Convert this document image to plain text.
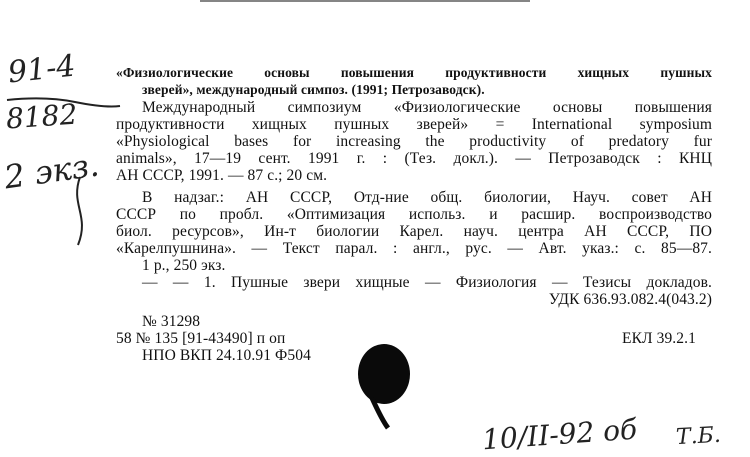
91-4
8182
2 экз.
«Физиологические основы повышения продуктивности хищных пушных
зверей», международный симпоз. (1991; Петрозаводск).
Международный симпозиум «Физиологические основы повышения
продуктивности хищных пушных зверей» = International symposium
«Physiological bases for increasing the productivity of predatory fur
animals», 17—19 сент. 1991 г. : (Тез. докл.). — Петрозаводск : КНЦ
АН СССР, 1991. — 87 с.; 20 см.
В надзаг.: АН СССР, Отд-ние общ. биологии, Науч. совет АН
СССР по пробл. «Оптимизация использ. и расшир. воспроизводство
биол. ресурсов», Ин-т биологии Карел. науч. центра АН СССР, ПО
«Карелпушнина». — Текст парал. : англ., рус. — Авт. указ.: с. 85—87.
1 р., 250 экз.
— — 1. Пушные звери хищные — Физиология — Тезисы докладов.
УДК 636.93.082.4(043.2)
№ 31298
58 № 135 [91-43490] п оп	ЕКЛ 39.2.1
НПО ВКП 24.10.91 Ф504
10/II-92 об Т.Б.
